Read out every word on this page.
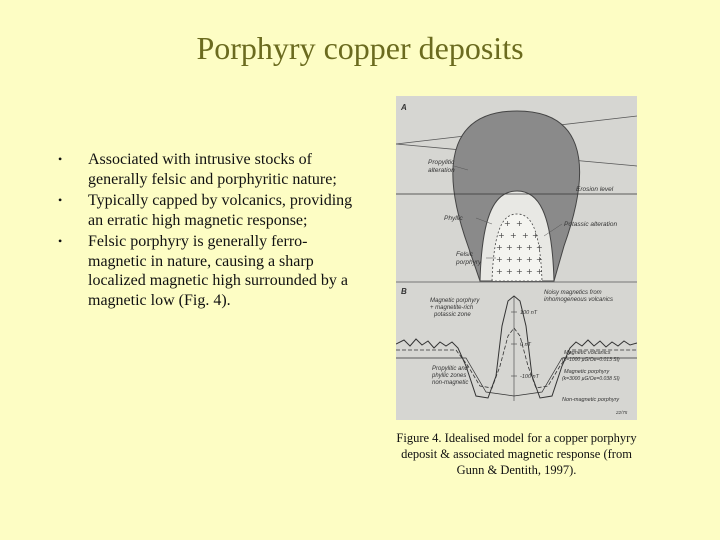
Porphyry copper deposits
• Associated with intrusive stocks of generally felsic and porphyritic nature;
• Typically capped by volcanics, providing an erratic high magnetic response;
• Felsic porphyry is generally ferro-magnetic in nature, causing a sharp localized magnetic high surrounded by a magnetic low (Fig. 4).
A
+ +
+ + + +
+ + + + +
+ + + + +
+ + + + +
Propylitic
alteration
Erosion level
Phyllic
Potassic alteration
Felsic
porphyry
B
100 nT
0 nT
-100 nT
Magnetic porphyry
+ magnetite-rich
potassic zone
Noisy magnetics from
inhomogeneous volcanics
Magnetic volcanics
(k=1000 µG/Oe=0.013 SI)
Magnetic porphyry
(k=3000 µG/Oe=0.038 SI)
Non-magnetic porphyry
Propylitic and
phyllic zones
non-magnetic
22/75
Figure 4. Idealised model for a copper porphyry deposit & associated magnetic response (from Gunn & Dentith, 1997).
